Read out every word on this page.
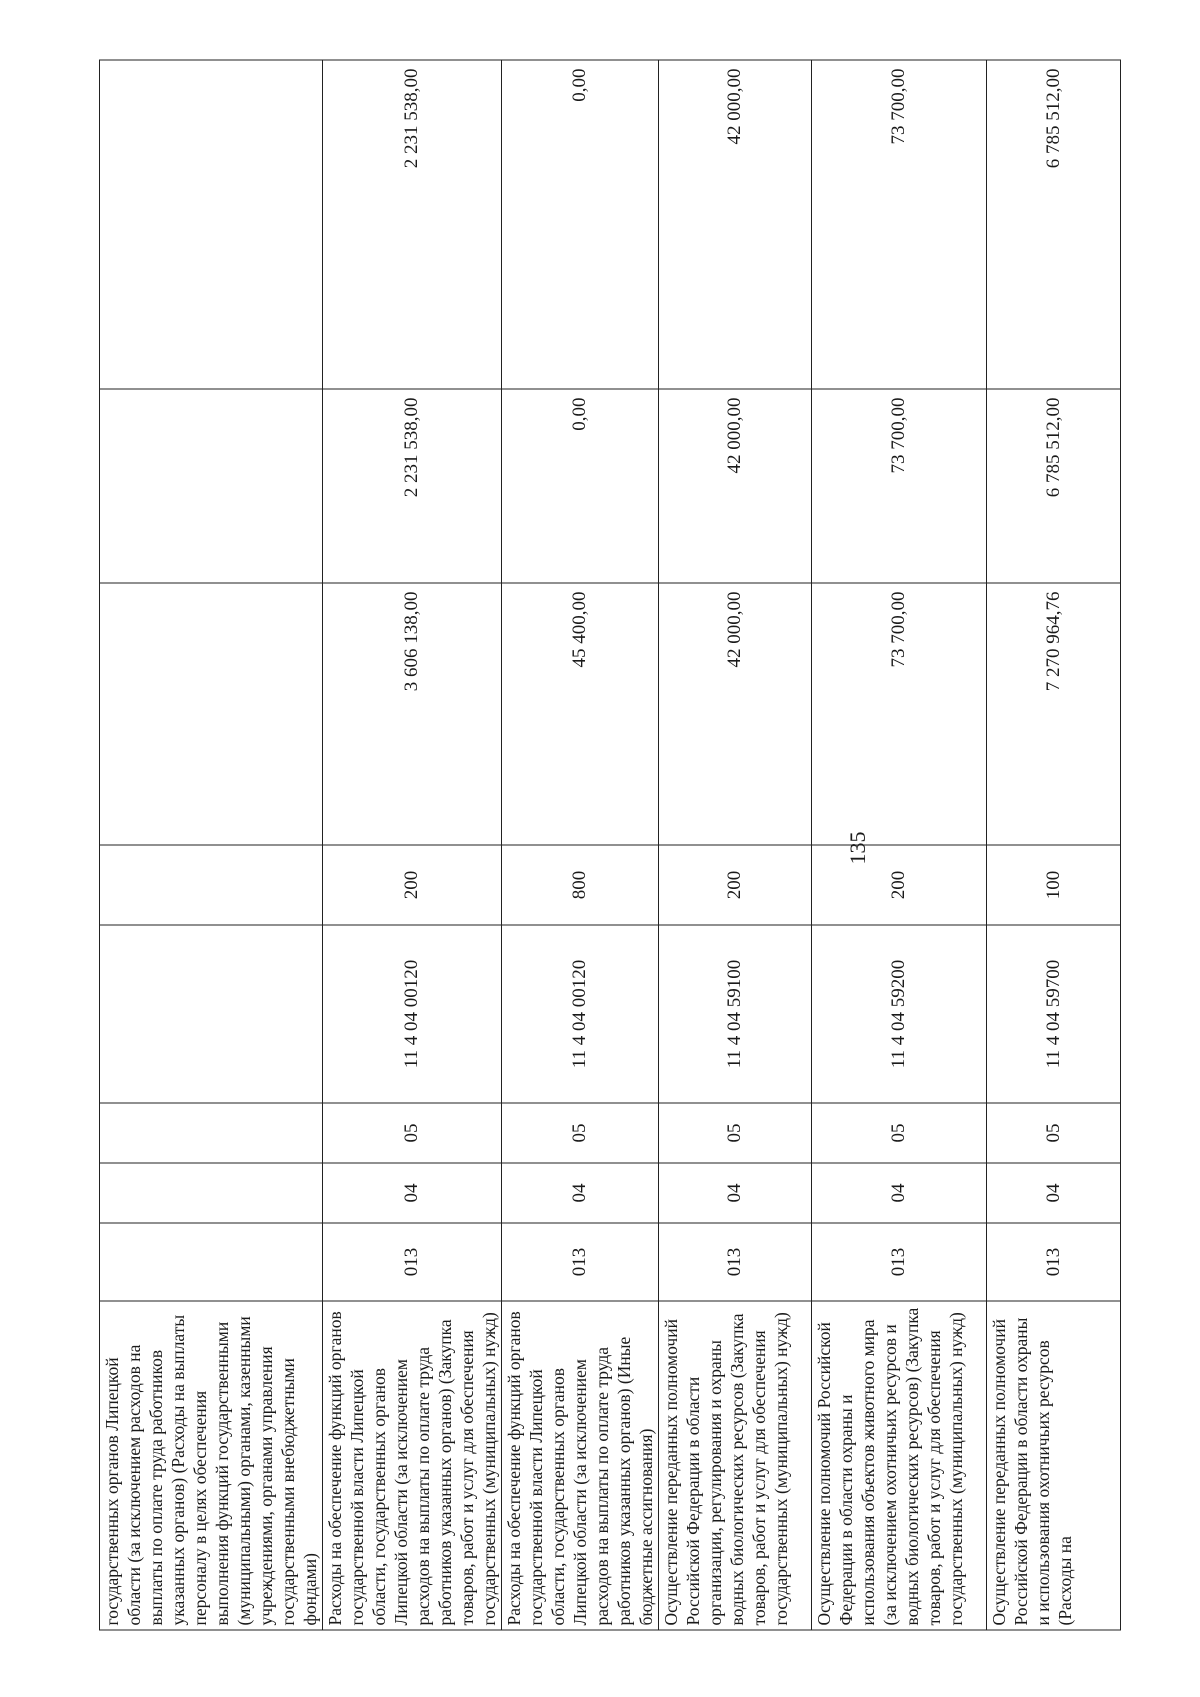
135
государственных органов Липецкой области (за исключением расходов на выплаты по оплате труда работников указанных органов) (Расходы на выплаты персоналу в целях обеспечения выполнения функций государственными (муниципальными) органами, казенными учреждениями, органами управления государственными внебюджетными фондами)								
Расходы на обеспечение функций органов государственной власти Липецкой области, государственных органов Липецкой области (за исключением расходов на выплаты по оплате труда работников указанных органов) (Закупка товаров, работ и услуг для обеспечения государственных (муниципальных) нужд)	013	04	05	11 4 04 00120	200	3 606 138,00	2 231 538,00	2 231 538,00
Расходы на обеспечение функций органов государственной власти Липецкой области, государственных органов Липецкой области (за исключением расходов на выплаты по оплате труда работников указанных органов) (Иные бюджетные ассигнования)	013	04	05	11 4 04 00120	800	45 400,00	0,00	0,00
Осуществление переданных полномочий Российской Федерации в области организации, регулирования и охраны водных биологических ресурсов (Закупка товаров, работ и услуг для обеспечения государственных (муниципальных) нужд)	013	04	05	11 4 04 59100	200	42 000,00	42 000,00	42 000,00
Осуществление полномочий Российской Федерации в области охраны и использования объектов животного мира (за исключением охотничьих ресурсов и водных биологических ресурсов) (Закупка товаров, работ и услуг для обеспечения государственных (муниципальных) нужд)	013	04	05	11 4 04 59200	200	73 700,00	73 700,00	73 700,00
Осуществление переданных полномочий Российской Федерации в области охраны и использования охотничьих ресурсов (Расходы на	013	04	05	11 4 04 59700	100	7 270 964,76	6 785 512,00	6 785 512,00
